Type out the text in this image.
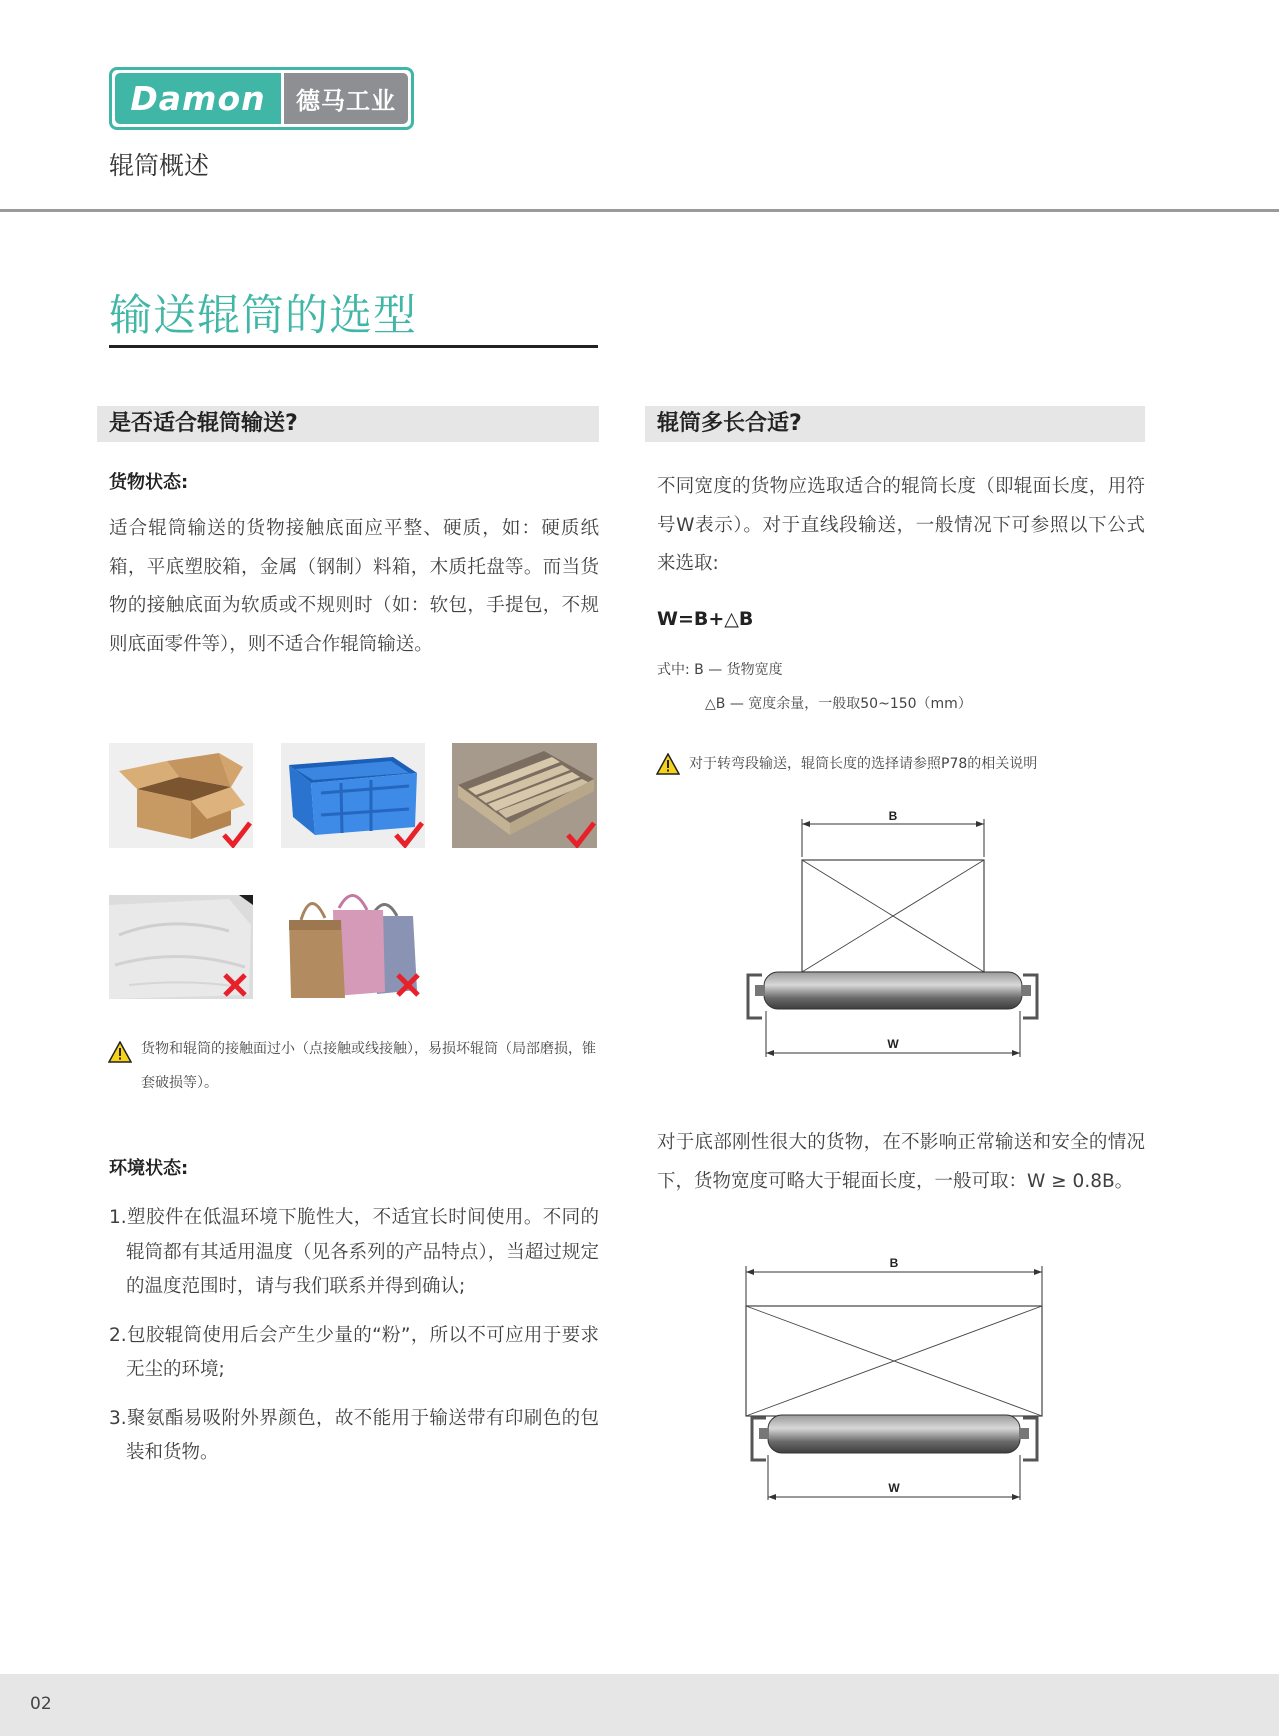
Damon	德马工业
辊筒概述
输送辊筒的选型
是否适合辊筒输送?
货物状态:
适合辊筒输送的货物接触底面应平整、硬质，如：硬质纸箱，平底塑胶箱，金属（钢制）料箱，木质托盘等。而当货物的接触底面为软质或不规则时（如：软包，手提包，不规则底面零件等），则不适合作辊筒输送。
货物和辊筒的接触面过小（点接触或线接触），易损坏辊筒（局部磨损，锥套破损等）。
环境状态:
1.塑胶件在低温环境下脆性大，不适宜长时间使用。不同的辊筒都有其适用温度（见各系列的产品特点），当超过规定的温度范围时，请与我们联系并得到确认;
2.包胶辊筒使用后会产生少量的“粉”，所以不可应用于要求无尘的环境;
3.聚氨酯易吸附外界颜色，故不能用于输送带有印刷色的包装和货物。
辊筒多长合适?
不同宽度的货物应选取适合的辊筒长度（即辊面长度，用符号W表示）。对于直线段输送，一般情况下可参照以下公式来选取:
W=B+△B
式中: B — 货物宽度
△B — 宽度余量，一般取50~150（mm）
对于转弯段输送，辊筒长度的选择请参照P78的相关说明
B
W
对于底部刚性很大的货物，在不影响正常输送和安全的情况下，货物宽度可略大于辊面长度，一般可取：W ≥ 0.8B。
B
W
02
